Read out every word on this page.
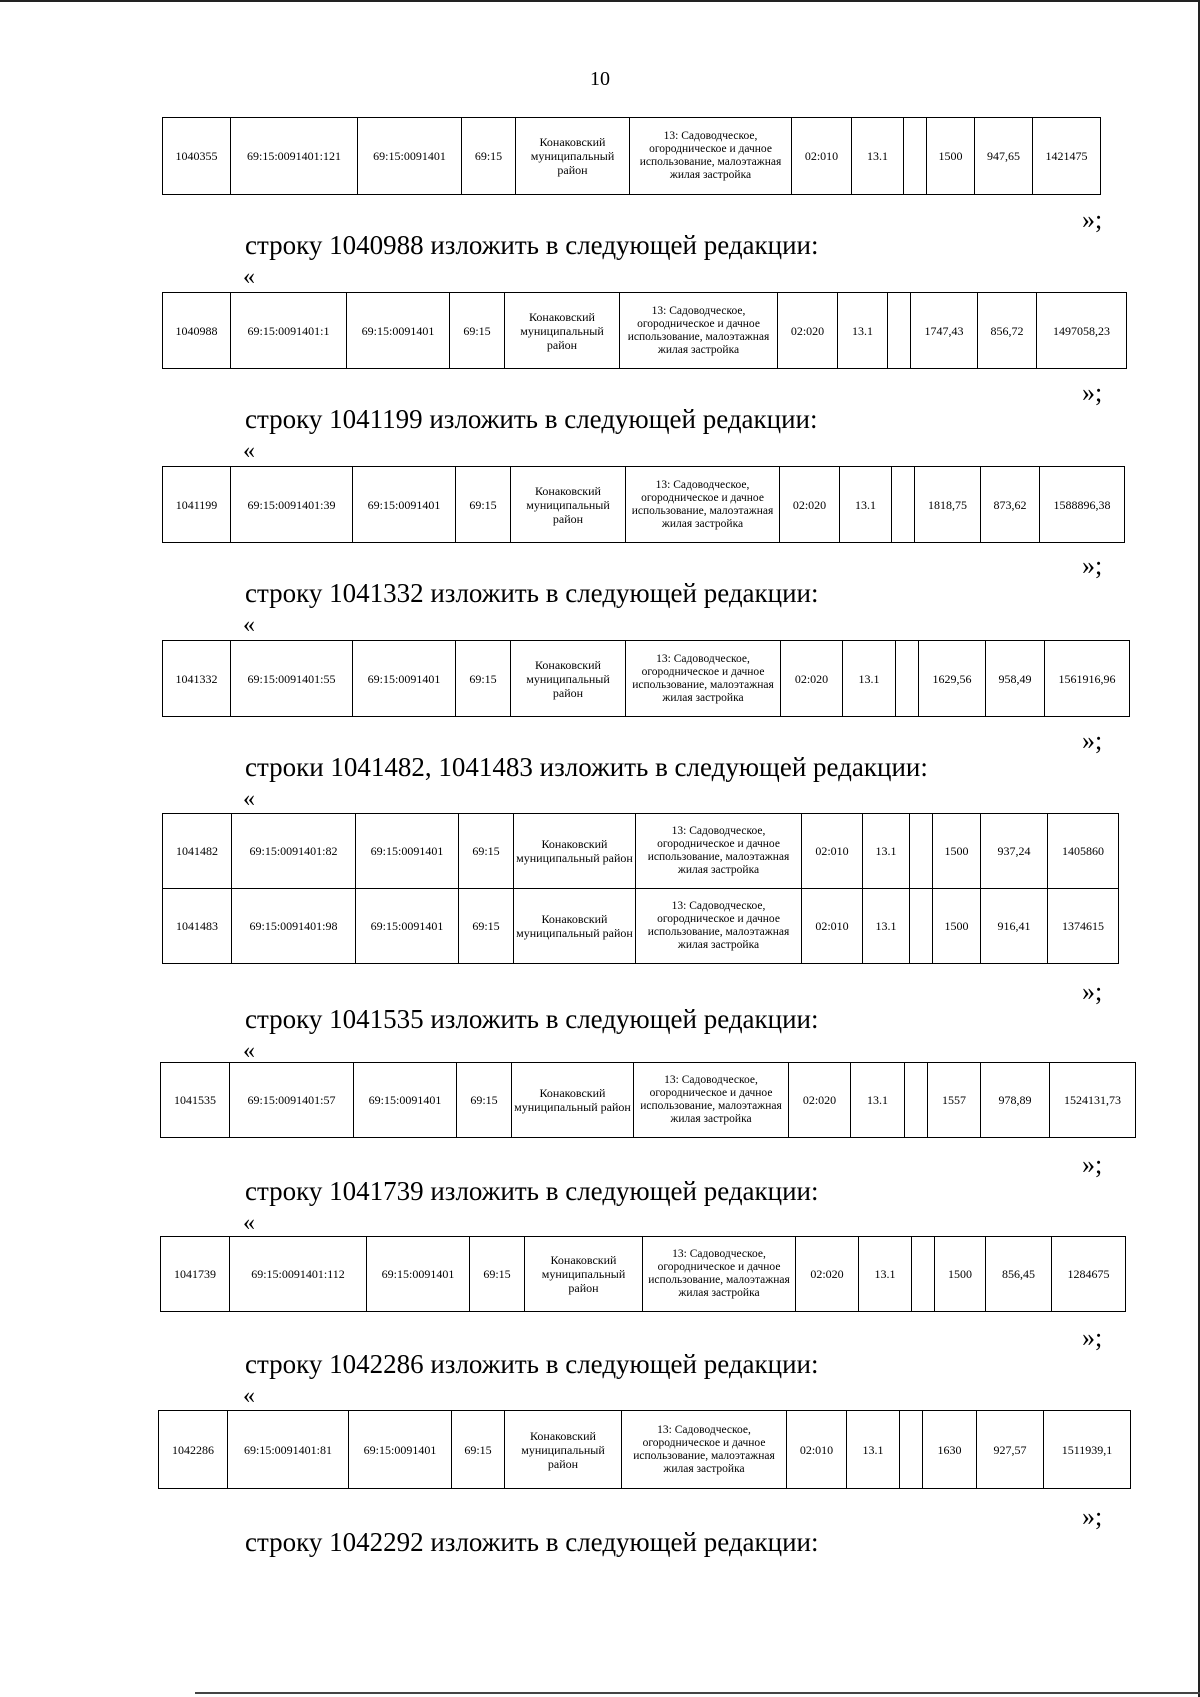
10
1040355	69:15:0091401:121	69:15:0091401	69:15	Конаковский муниципальный район	13: Садоводческое, огородническое и дачное использование, малоэтажная жилая застройка	02:010	13.1		1500	947,65	1421475
»;
строку 1040988 изложить в следующей редакции:
«
1040988	69:15:0091401:1	69:15:0091401	69:15	Конаковский муниципальный район	13: Садоводческое, огородническое и дачное использование, малоэтажная жилая застройка	02:020	13.1		1747,43	856,72	1497058,23
»;
строку 1041199 изложить в следующей редакции:
«
1041199	69:15:0091401:39	69:15:0091401	69:15	Конаковский муниципальный район	13: Садоводческое, огородническое и дачное использование, малоэтажная жилая застройка	02:020	13.1		1818,75	873,62	1588896,38
»;
строку 1041332 изложить в следующей редакции:
«
1041332	69:15:0091401:55	69:15:0091401	69:15	Конаковский муниципальный район	13: Садоводческое, огородническое и дачное использование, малоэтажная жилая застройка	02:020	13.1		1629,56	958,49	1561916,96
»;
строки 1041482, 1041483 изложить в следующей редакции:
«
1041482	69:15:0091401:82	69:15:0091401	69:15	Конаковский муниципальный район	13: Садоводческое, огородническое и дачное использование, малоэтажная жилая застройка	02:010	13.1		1500	937,24	1405860
1041483	69:15:0091401:98	69:15:0091401	69:15	Конаковский муниципальный район	13: Садоводческое, огородническое и дачное использование, малоэтажная жилая застройка	02:010	13.1		1500	916,41	1374615
»;
строку 1041535 изложить в следующей редакции:
«
1041535	69:15:0091401:57	69:15:0091401	69:15	Конаковский муниципальный район	13: Садоводческое, огородническое и дачное использование, малоэтажная жилая застройка	02:020	13.1		1557	978,89	1524131,73
»;
строку 1041739 изложить в следующей редакции:
«
1041739	69:15:0091401:112	69:15:0091401	69:15	Конаковский муниципальный район	13: Садоводческое, огородническое и дачное использование, малоэтажная жилая застройка	02:020	13.1		1500	856,45	1284675
»;
строку 1042286 изложить в следующей редакции:
«
1042286	69:15:0091401:81	69:15:0091401	69:15	Конаковский муниципальный район	13: Садоводческое, огородническое и дачное использование, малоэтажная жилая застройка	02:010	13.1		1630	927,57	1511939,1
»;
строку 1042292 изложить в следующей редакции:
